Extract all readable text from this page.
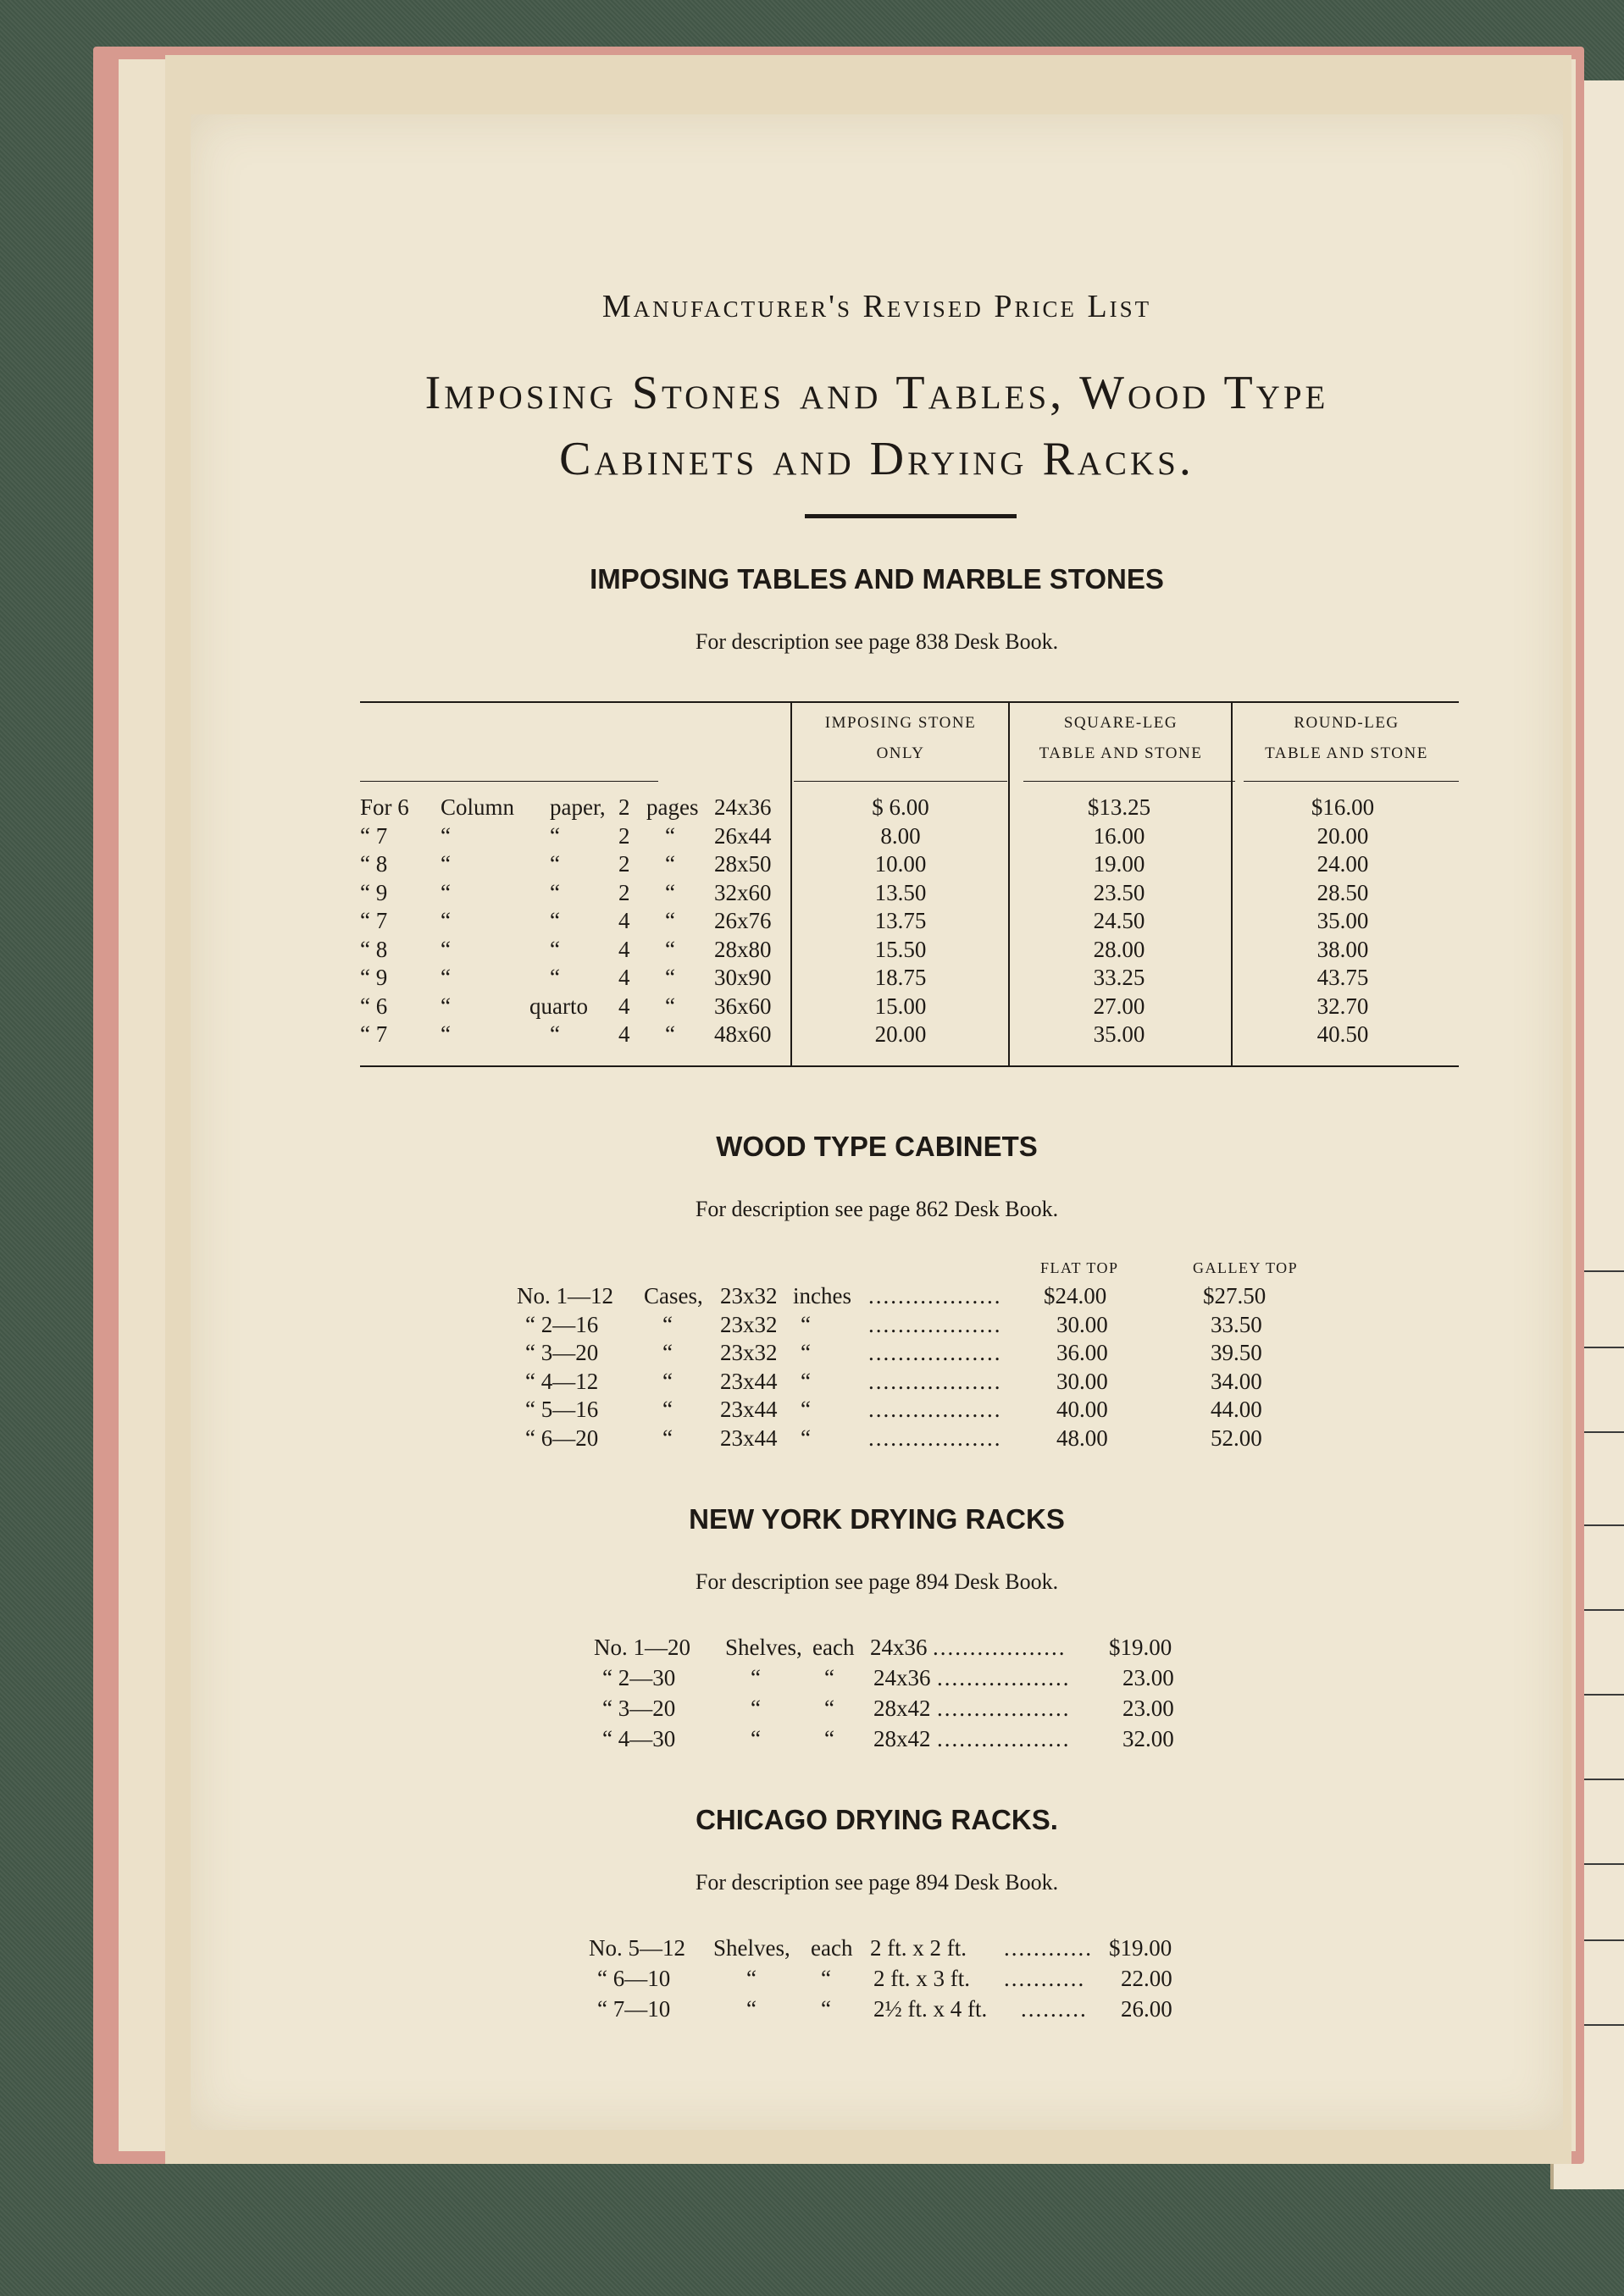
Manufacturer's Revised Price List
Imposing Stones and Tables, Wood Type
Cabinets and Drying Racks.
IMPOSING TABLES AND MARBLE STONES
For description see page 838 Desk Book.
IMPOSING STONE
ONLY
SQUARE-LEG
TABLE AND STONE
ROUND-LEG
TABLE AND STONE
For 6 Column paper, 2 pages 24x36	$ 6.00	$13.25	$16.00
“ 7 “	“	2 “ 26x44	8.00	16.00	20.00
“ 8 “	“	2 “ 28x50	10.00	19.00	24.00
“ 9 “	“	2 “ 32x60	13.50	23.50	28.50
“ 7 “	“	4 “ 26x76	13.75	24.50	35.00
“ 8 “	“	4 “ 28x80	15.50	28.00	38.00
“ 9 “	“	4 “ 30x90	18.75	33.25	43.75
“ 6 “	quarto 4 “ 36x60	15.00	27.00	32.70
“ 7 “	“	4 “ 48x60	20.00	35.00	40.50
WOOD TYPE CABINETS
For description see page 862 Desk Book.
FLAT TOP	GALLEY TOP
No. 1—12 Cases, 23x32 inches .................. $24.00	$27.50
“ 2—16	“ 23x32 “	.................. 30.00	33.50
“ 3—20	“ 23x32 “	.................. 36.00	39.50
“ 4—12	“ 23x44 “	.................. 30.00	34.00
“ 5—16	“ 23x44 “	.................. 40.00	44.00
“ 6—20	“ 23x44 “	.................. 48.00	52.00
NEW YORK DRYING RACKS
For description see page 894 Desk Book.
No. 1—20 Shelves, each 24x36 .................. $19.00
“ 2—30	“	“ 24x36 .................. 23.00
“ 3—20	“	“ 28x42 .................. 23.00
“ 4—30	“	“ 28x42 .................. 32.00
CHICAGO DRYING RACKS.
For description see page 894 Desk Book.
No. 5—12 Shelves, each 2 ft. x 2 ft. ............ $19.00
“ 6—10	“	“ 2 ft. x 3 ft. ........... 22.00
“ 7—10	“	“ 2½ ft. x 4 ft. ......... 26.00
